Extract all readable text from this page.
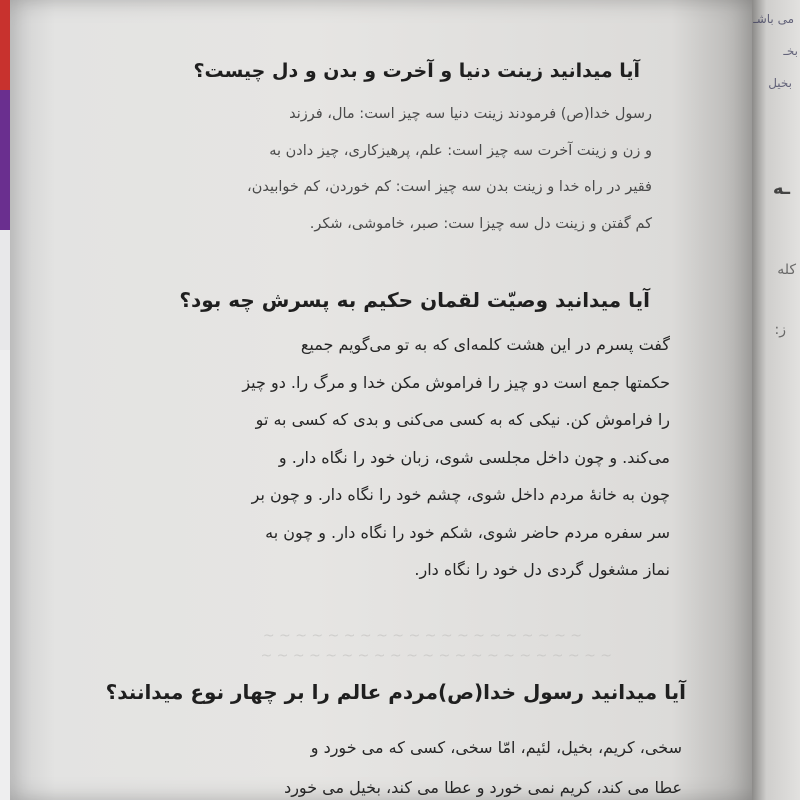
آیا میدانید زینت دنیا و آخرت و بدن و دل چیست؟
رسول خدا(ص) فرمودند زینت دنیا سه چیز است: مال، فرزند
و زن و زینت آخرت سه چیز است: علم، پرهیزکاری، چیز دادن به
فقیر در راه خدا و زینت بدن سه چیز است: کم خوردن، کم خوابیدن،
کم گفتن و زینت دل سه چیزا ست: صبر، خاموشی، شکر.
آیا میدانید وصیّت لقمان حکیم به پسرش چه بود؟
گفت پسرم در این هشت کلمه‌ای که به تو می‌گویم جمیع
حکمتها جمع است دو چیز را فراموش مکن خدا و مرگ را. دو چیز
را فراموش کن. نیکی که به کسی می‌کنی و بدی که کسی به تو
می‌کند. و چون داخل مجلسی شوی، زبان خود را نگاه دار. و
چون به خانهٔ مردم داخل شوی، چشم خود را نگاه دار. و چون بر
سر سفره مردم حاضر شوی، شکم خود را نگاه دار. و چون به
نماز مشغول گردی دل خود را نگاه دار.
~ ~ ~ ~ ~ ~ ~ ~ ~ ~ ~ ~ ~ ~ ~ ~ ~ ~ ~ ~
~ ~ ~ ~ ~ ~ ~ ~ ~ ~ ~ ~ ~ ~ ~ ~ ~ ~ ~ ~ ~ ~
آیا میدانید رسول خدا(ص)مردم عالم را بر چهار نوع میدانند؟
سخی، کریم، بخیل، لئیم، امّا سخی، کسی که می خورد و
عطا می کند، کریم نمی خورد و عطا می کند، بخیل می خورد
می باشـ
بخـ
بخيل
ـه
کله
ز:
